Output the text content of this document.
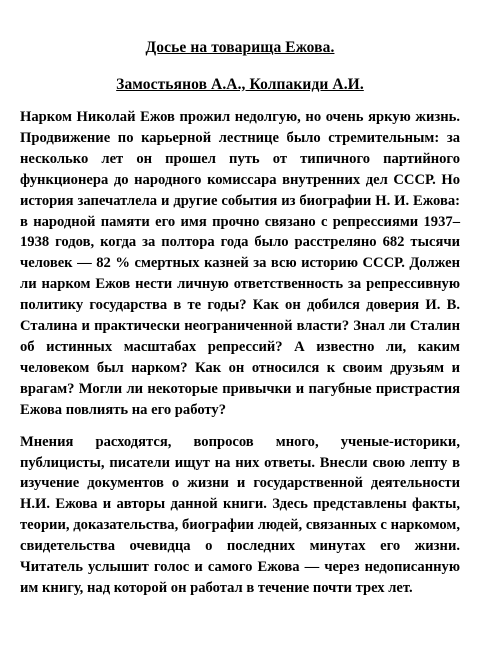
Досье на товарища Ежова.
Замостьянов А.А., Колпакиди А.И.

Нарком Николай Ежов прожил недолгую, но очень яркую жизнь. Продвижение по карьерной лестнице было стремительным: за несколько лет он прошел путь от типичного партийного функционера до народного комиссара внутренних дел СССР. Но история запечатлела и другие события из биографии Н. И. Ежова: в народной памяти его имя прочно связано с репрессиями 1937–1938 годов, когда за полтора года было расстреляно 682 тысячи человек — 82 % смертных казней за всю историю СССР. Должен ли нарком Ежов нести личную ответственность за репрессивную политику государства в те годы? Как он добился доверия И. В. Сталина и практически неограниченной власти? Знал ли Сталин об истинных масштабах репрессий? А известно ли, каким человеком был нарком? Как он относился к своим друзьям и врагам? Могли ли некоторые привычки и пагубные пристрастия Ежова повлиять на его работу?

Мнения расходятся, вопросов много, ученые-историки, публицисты, писатели ищут на них ответы. Внесли свою лепту в изучение документов о жизни и государственной деятельности Н.И. Ежова и авторы данной книги. Здесь представлены факты, теории, доказательства, биографии людей, связанных с наркомом, свидетельства очевидца о последних минутах его жизни. Читатель услышит голос и самого Ежова — через недописанную им книгу, над которой он работал в течение почти трех лет.
